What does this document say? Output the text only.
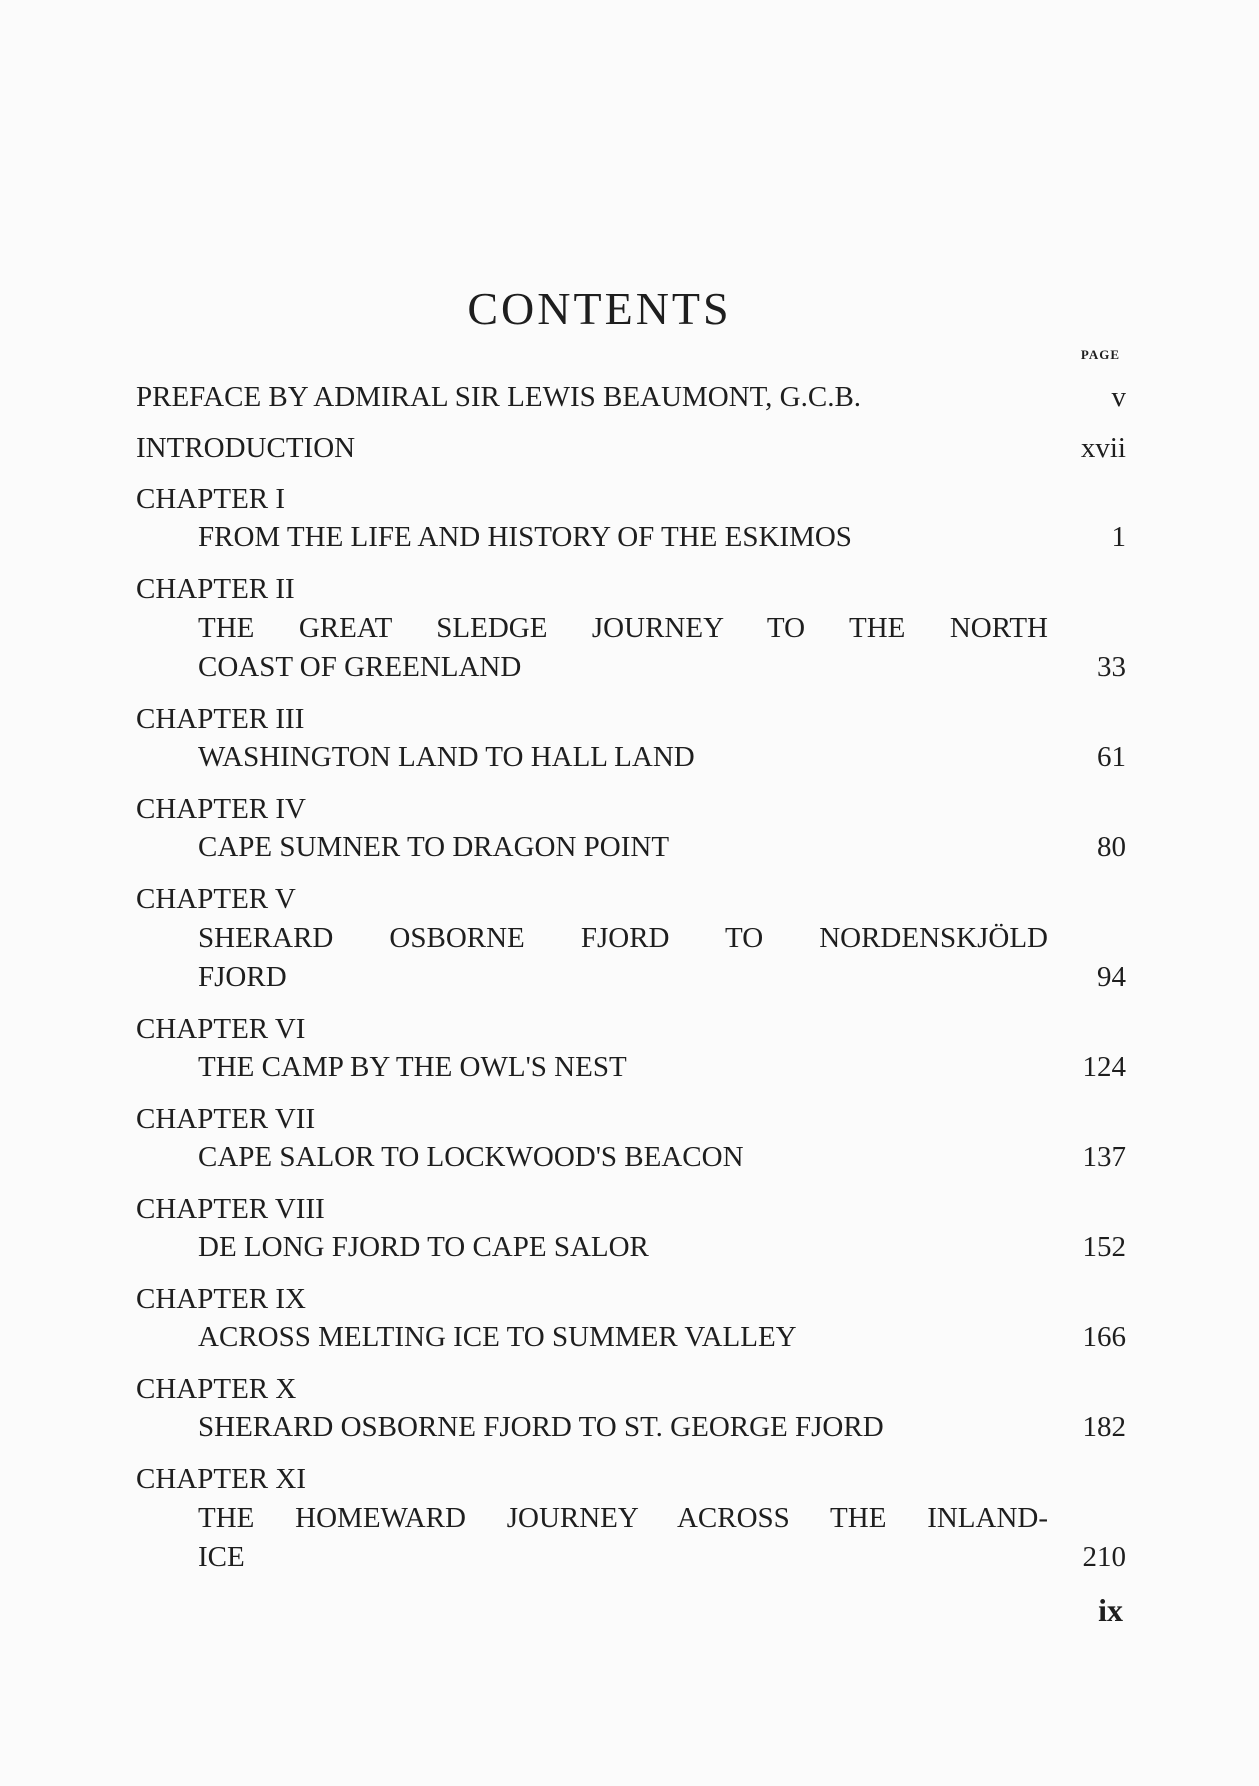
CONTENTS
PAGE
PREFACE BY ADMIRAL SIR LEWIS BEAUMONT, G.C.B.	v
INTRODUCTION	xvii
CHAPTER I
FROM THE LIFE AND HISTORY OF THE ESKIMOS	1
CHAPTER II
THE GREAT SLEDGE JOURNEY TO THE NORTH
COAST OF GREENLAND	33
CHAPTER III
WASHINGTON LAND TO HALL LAND	61
CHAPTER IV
CAPE SUMNER TO DRAGON POINT	80
CHAPTER V
SHERARD OSBORNE FJORD TO NORDENSKJÖLD
FJORD	94
CHAPTER VI
THE CAMP BY THE OWL'S NEST	124
CHAPTER VII
CAPE SALOR TO LOCKWOOD'S BEACON	137
CHAPTER VIII
DE LONG FJORD TO CAPE SALOR	152
CHAPTER IX
ACROSS MELTING ICE TO SUMMER VALLEY	166
CHAPTER X
SHERARD OSBORNE FJORD TO ST. GEORGE FJORD	182
CHAPTER XI
THE HOMEWARD JOURNEY ACROSS THE INLAND-
ICE	210
ix
